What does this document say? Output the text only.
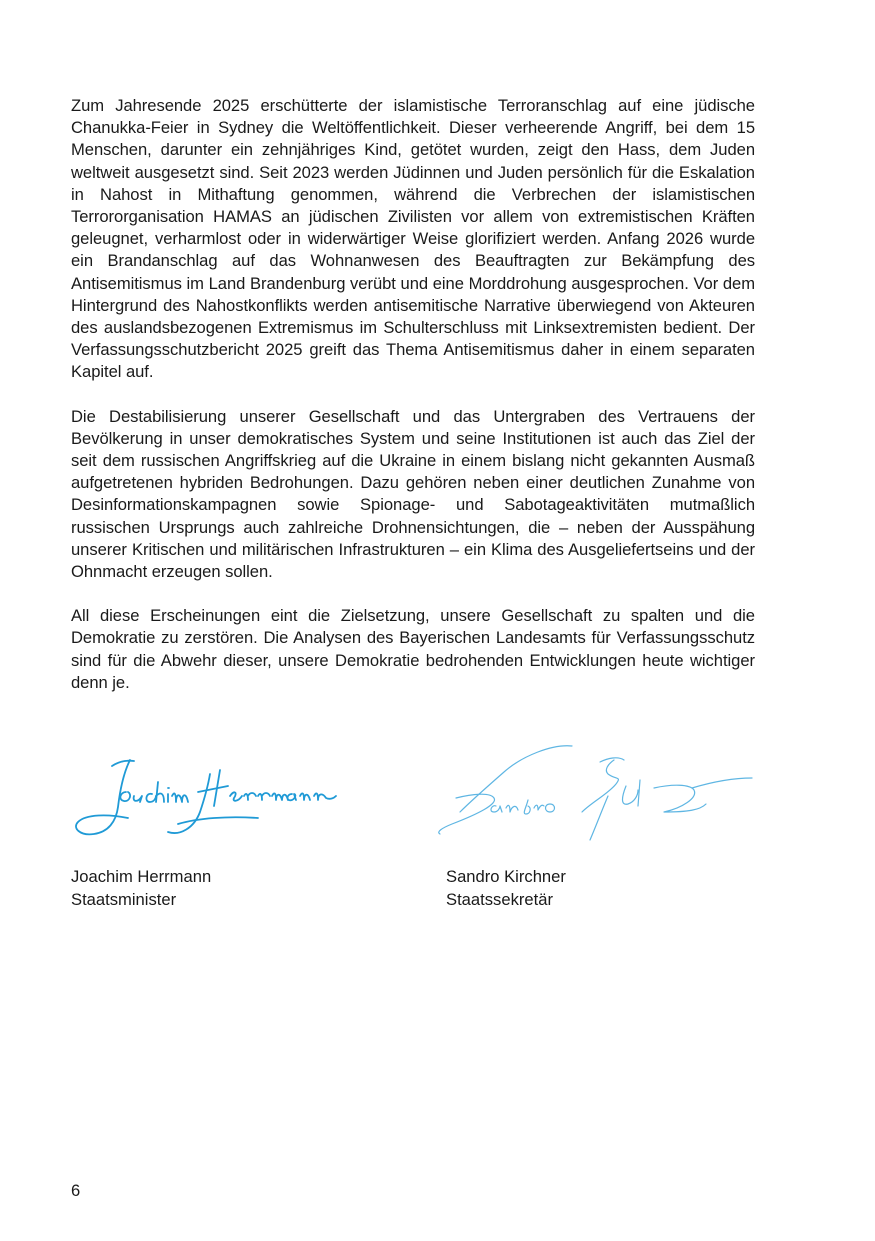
Zum Jahresende 2025 erschütterte der islamistische Terroranschlag auf eine jüdische Chanukka-Feier in Sydney die Weltöffentlichkeit. Dieser verheerende Angriff, bei dem 15 Menschen, darunter ein zehnjähriges Kind, getötet wurden, zeigt den Hass, dem Juden weltweit ausgesetzt sind. Seit 2023 werden Jüdinnen und Juden persönlich für die Eskalation in Nahost in Mithaftung genommen, während die Verbrechen der islamistischen Terrororganisation HAMAS an jüdischen Zivilisten vor allem von extremistischen Kräften geleugnet, verharmlost oder in widerwärtiger Weise glorifiziert werden. Anfang 2026 wurde ein Brandanschlag auf das Wohnanwesen des Beauftragten zur Bekämpfung des Antisemitismus im Land Brandenburg verübt und eine Morddrohung ausgesprochen. Vor dem Hintergrund des Nahostkonflikts werden antisemitische Narrative überwiegend von Akteuren des auslandsbezogenen Extremismus im Schulterschluss mit Linksextremisten bedient. Der Verfassungsschutzbericht 2025 greift das Thema Antisemitismus daher in einem separaten Kapitel auf.

Die Destabilisierung unserer Gesellschaft und das Untergraben des Vertrauens der Bevölkerung in unser demokratisches System und seine Institutionen ist auch das Ziel der seit dem russischen Angriffskrieg auf die Ukraine in einem bislang nicht gekannten Ausmaß aufgetretenen hybriden Bedrohungen. Dazu gehören neben einer deutlichen Zunahme von Desinformationskampagnen sowie Spionage- und Sabotageaktivitäten mutmaßlich russischen Ursprungs auch zahlreiche Drohnensichtungen, die – neben der Ausspähung unserer Kritischen und militärischen Infrastrukturen – ein Klima des Ausgeliefertseins und der Ohnmacht erzeugen sollen.

All diese Erscheinungen eint die Zielsetzung, unsere Gesellschaft zu spalten und die Demokratie zu zerstören. Die Analysen des Bayerischen Landesamts für Verfassungsschutz sind für die Abwehr dieser, unsere Demokratie bedrohenden Entwicklungen heute wichtiger denn je.

Joachim Herrmann
Staatsminister
Sandro Kirchner
Staatssekretär
6
